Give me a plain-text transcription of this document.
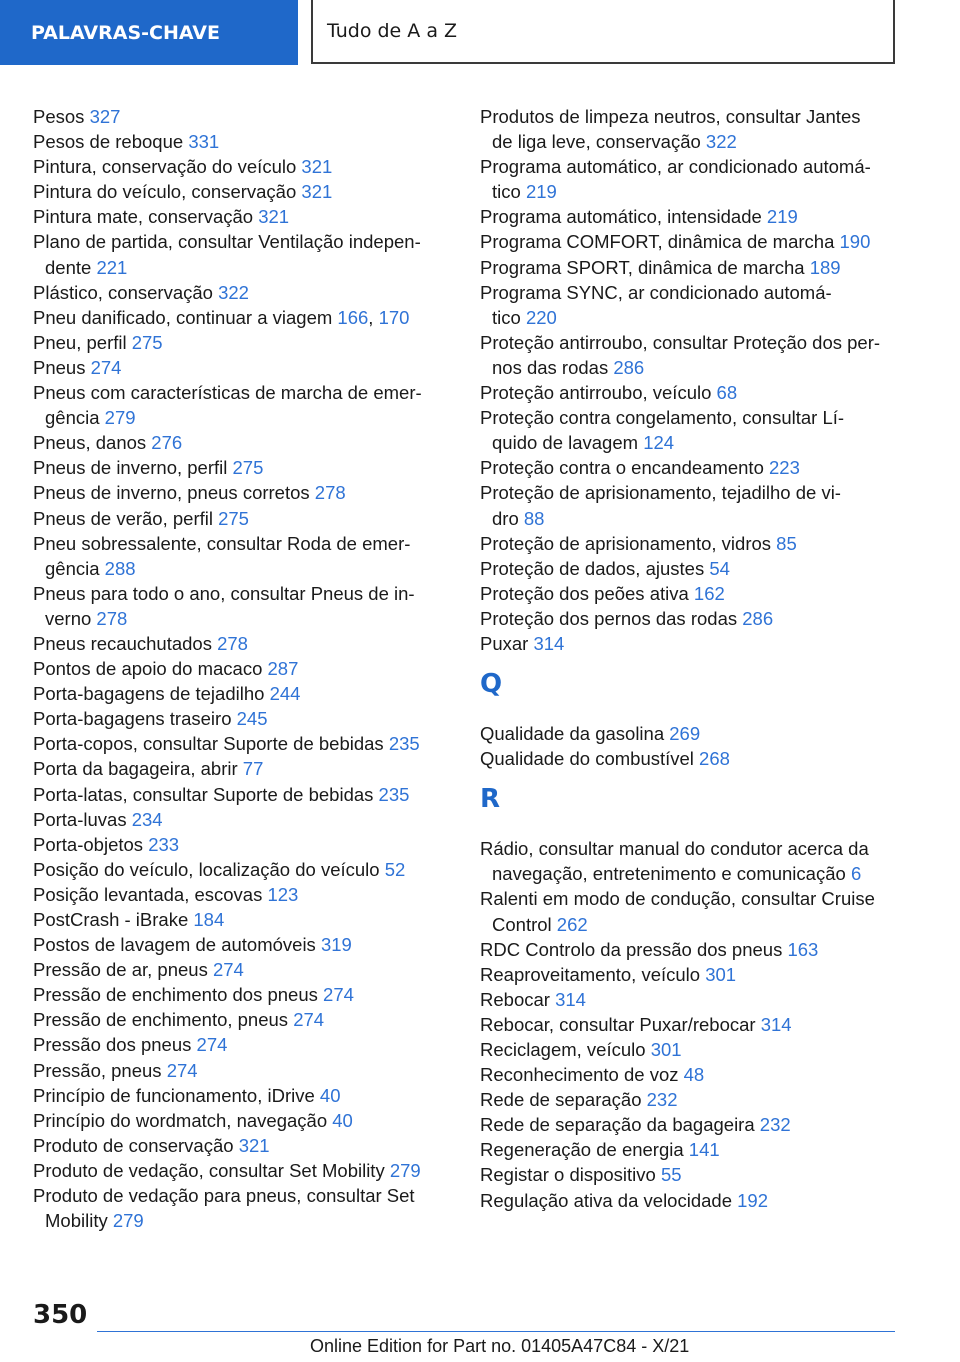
PALAVRAS-CHAVE	Tudo de A a Z
Pesos 327
Pesos de reboque 331
Pintura, conservação do veículo 321
Pintura do veículo, conservação 321
Pintura mate, conservação 321
Plano de partida, consultar Ventilação indepen-
dente 221
Plástico, conservação 322
Pneu danificado, continuar a viagem 166, 170
Pneu, perfil 275
Pneus 274
Pneus com características de marcha de emer-
gência 279
Pneus, danos 276
Pneus de inverno, perfil 275
Pneus de inverno, pneus corretos 278
Pneus de verão, perfil 275
Pneu sobressalente, consultar Roda de emer-
gência 288
Pneus para todo o ano, consultar Pneus de in-
verno 278
Pneus recauchutados 278
Pontos de apoio do macaco 287
Porta-bagagens de tejadilho 244
Porta-bagagens traseiro 245
Porta-copos, consultar Suporte de bebidas 235
Porta da bagageira, abrir 77
Porta-latas, consultar Suporte de bebidas 235
Porta-luvas 234
Porta-objetos 233
Posição do veículo, localização do veículo 52
Posição levantada, escovas 123
PostCrash - iBrake 184
Postos de lavagem de automóveis 319
Pressão de ar, pneus 274
Pressão de enchimento dos pneus 274
Pressão de enchimento, pneus 274
Pressão dos pneus 274
Pressão, pneus 274
Princípio de funcionamento, iDrive 40
Princípio do wordmatch, navegação 40
Produto de conservação 321
Produto de vedação, consultar Set Mobility 279
Produto de vedação para pneus, consultar Set
Mobility 279
Produtos de limpeza neutros, consultar Jantes
de liga leve, conservação 322
Programa automático, ar condicionado automá-
tico 219
Programa automático, intensidade 219
Programa COMFORT, dinâmica de marcha 190
Programa SPORT, dinâmica de marcha 189
Programa SYNC, ar condicionado automá-
tico 220
Proteção antirroubo, consultar Proteção dos per-
nos das rodas 286
Proteção antirroubo, veículo 68
Proteção contra congelamento, consultar Lí-
quido de lavagem 124
Proteção contra o encandeamento 223
Proteção de aprisionamento, tejadilho de vi-
dro 88
Proteção de aprisionamento, vidros 85
Proteção de dados, ajustes 54
Proteção dos peões ativa 162
Proteção dos pernos das rodas 286
Puxar 314
Q
Qualidade da gasolina 269
Qualidade do combustível 268
R
Rádio, consultar manual do condutor acerca da
navegação, entretenimento e comunicação 6
Ralenti em modo de condução, consultar Cruise
Control 262
RDC Controlo da pressão dos pneus 163
Reaproveitamento, veículo 301
Rebocar 314
Rebocar, consultar Puxar/rebocar 314
Reciclagem, veículo 301
Reconhecimento de voz 48
Rede de separação 232
Rede de separação da bagageira 232
Regeneração de energia 141
Registar o dispositivo 55
Regulação ativa da velocidade 192
350
Online Edition for Part no. 01405A47C84 - X/21
